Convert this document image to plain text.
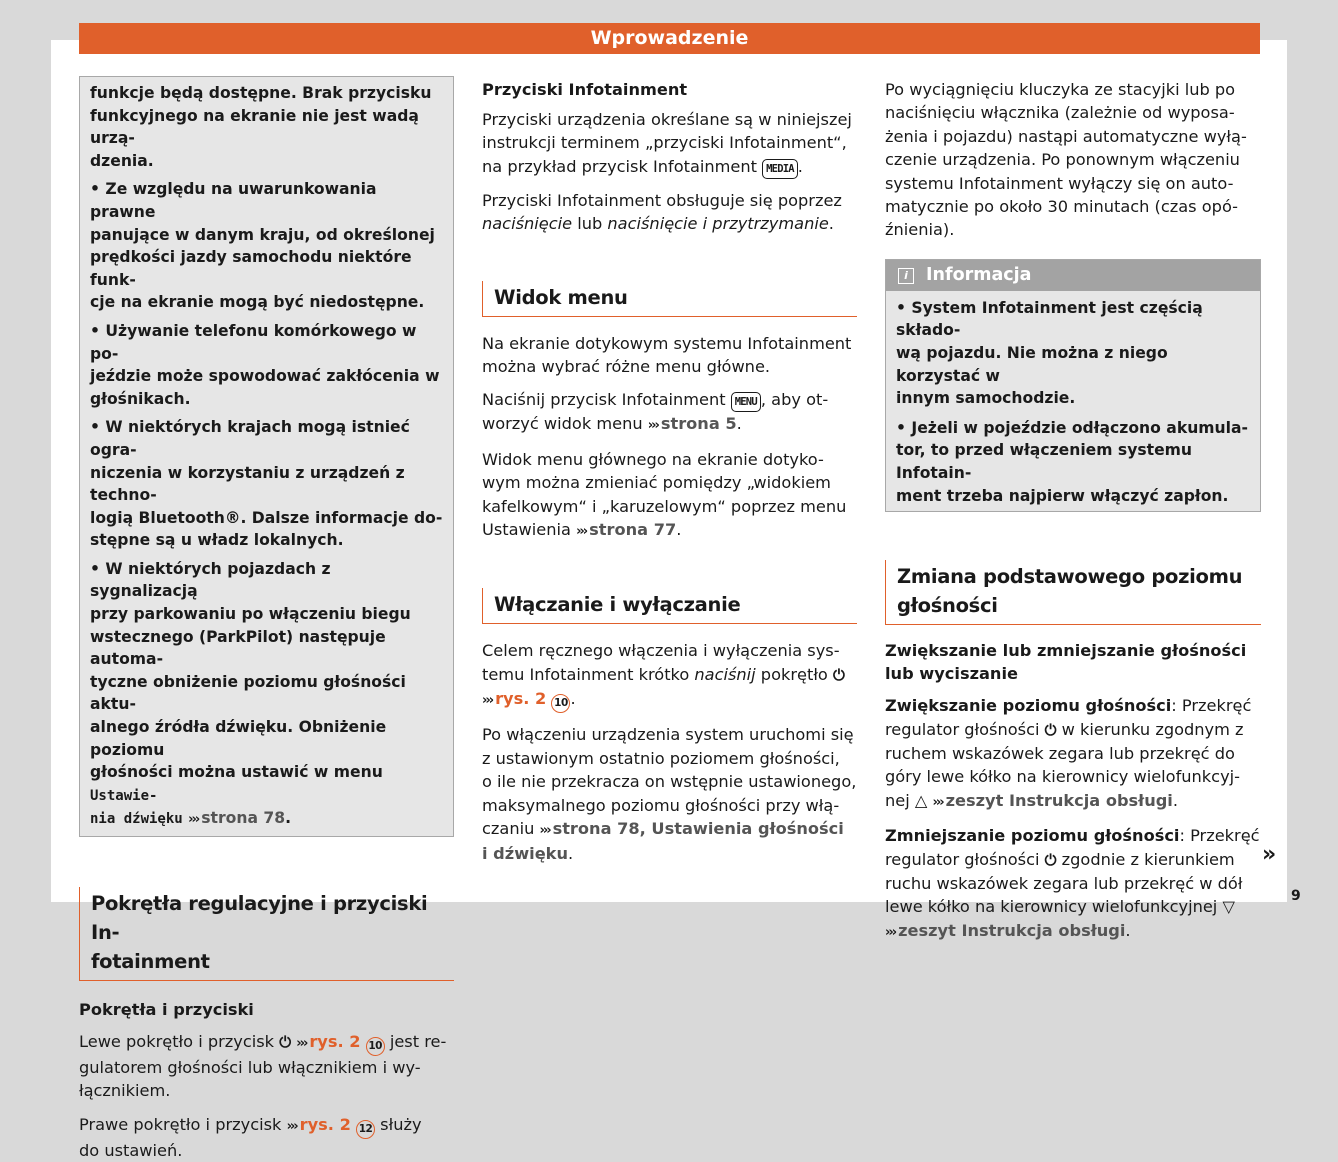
Wprowadzenie

funkcje będą dostępne. Brak przycisku
funkcyjnego na ekranie nie jest wadą urzą-
dzenia.

• Ze względu na uwarunkowania prawne
panujące w danym kraju, od określonej
prędkości jazdy samochodu niektóre funk-
cje na ekranie mogą być niedostępne.

• Używanie telefonu komórkowego w po-
jeździe może spowodować zakłócenia w
głośnikach.

• W niektórych krajach mogą istnieć ogra-
niczenia w korzystaniu z urządzeń z techno-
logią Bluetooth®. Dalsze informacje do-
stępne są u władz lokalnych.

• W niektórych pojazdach z sygnalizacją
przy parkowaniu po włączeniu biegu
wstecznego (ParkPilot) następuje automa-
tyczne obniżenie poziomu głośności aktu-
alnego źródła dźwięku. Obniżenie poziomu
głośności można ustawić w menu Ustawie-
nia dźwięku ››› strona 78.

Pokrętła regulacyjne i przyciski In-
fotainment

Pokrętła i przyciski

Lewe pokrętło i przycisk ⏻ ››› rys. 2 10 jest re-
gulatorem głośności lub włącznikiem i wy-
łącznikiem.

Prawe pokrętło i przycisk ››› rys. 2 12 służy
do ustawień.

Przyciski Infotainment

Przyciski urządzenia określane są w niniejszej
instrukcji terminem „przyciski Infotainment“,
na przykład przycisk Infotainment MEDIA .

Przyciski Infotainment obsługuje się poprzez
naciśnięcie lub naciśnięcie i przytrzymanie.

Widok menu

Na ekranie dotykowym systemu Infotainment
można wybrać różne menu główne.

Naciśnij przycisk Infotainment MENU , aby ot-
worzyć widok menu ››› strona 5.

Widok menu głównego na ekranie dotyko-
wym można zmieniać pomiędzy „widokiem
kafelkowym“ i „karuzelowym“ poprzez menu
Ustawienia ››› strona 77.

Włączanie i wyłączanie

Celem ręcznego włączenia i wyłączenia sys-
temu Infotainment krótko naciśnij pokrętło ⏻
››› rys. 2 10 .

Po włączeniu urządzenia system uruchomi się
z ustawionym ostatnio poziomem głośności,
o ile nie przekracza on wstępnie ustawionego,
maksymalnego poziomu głośności przy włą-
czaniu ››› strona 78, Ustawienia głośności
i dźwięku.

Po wyciągnięciu kluczyka ze stacyjki lub po
naciśnięciu włącznika (zależnie od wyposa-
żenia i pojazdu) nastąpi automatyczne wyłą-
czenie urządzenia. Po ponownym włączeniu
systemu Infotainment wyłączy się on auto-
matycznie po około 30 minutach (czas opó-
źnienia).

i Informacja

• System Infotainment jest częścią składo-
wą pojazdu. Nie można z niego korzystać w
innym samochodzie.

• Jeżeli w pojeździe odłączono akumula-
tor, to przed włączeniem systemu Infotain-
ment trzeba najpierw włączyć zapłon.

Zmiana podstawowego poziomu
głośności

Zwiększanie lub zmniejszanie głośności
lub wyciszanie

Zwiększanie poziomu głośności: Przekręć
regulator głośności ⏻ w kierunku zgodnym z
ruchem wskazówek zegara lub przekręć do
góry lewe kółko na kierownicy wielofunkcyj-
nej △ ››› zeszyt Instrukcja obsługi.

Zmniejszanie poziomu głośności: Przekręć
regulator głośności ⏻ zgodnie z kierunkiem
ruchu wskazówek zegara lub przekręć w dół
lewe kółko na kierownicy wielofunkcyjnej ▽
››› zeszyt Instrukcja obsługi.

»
9
